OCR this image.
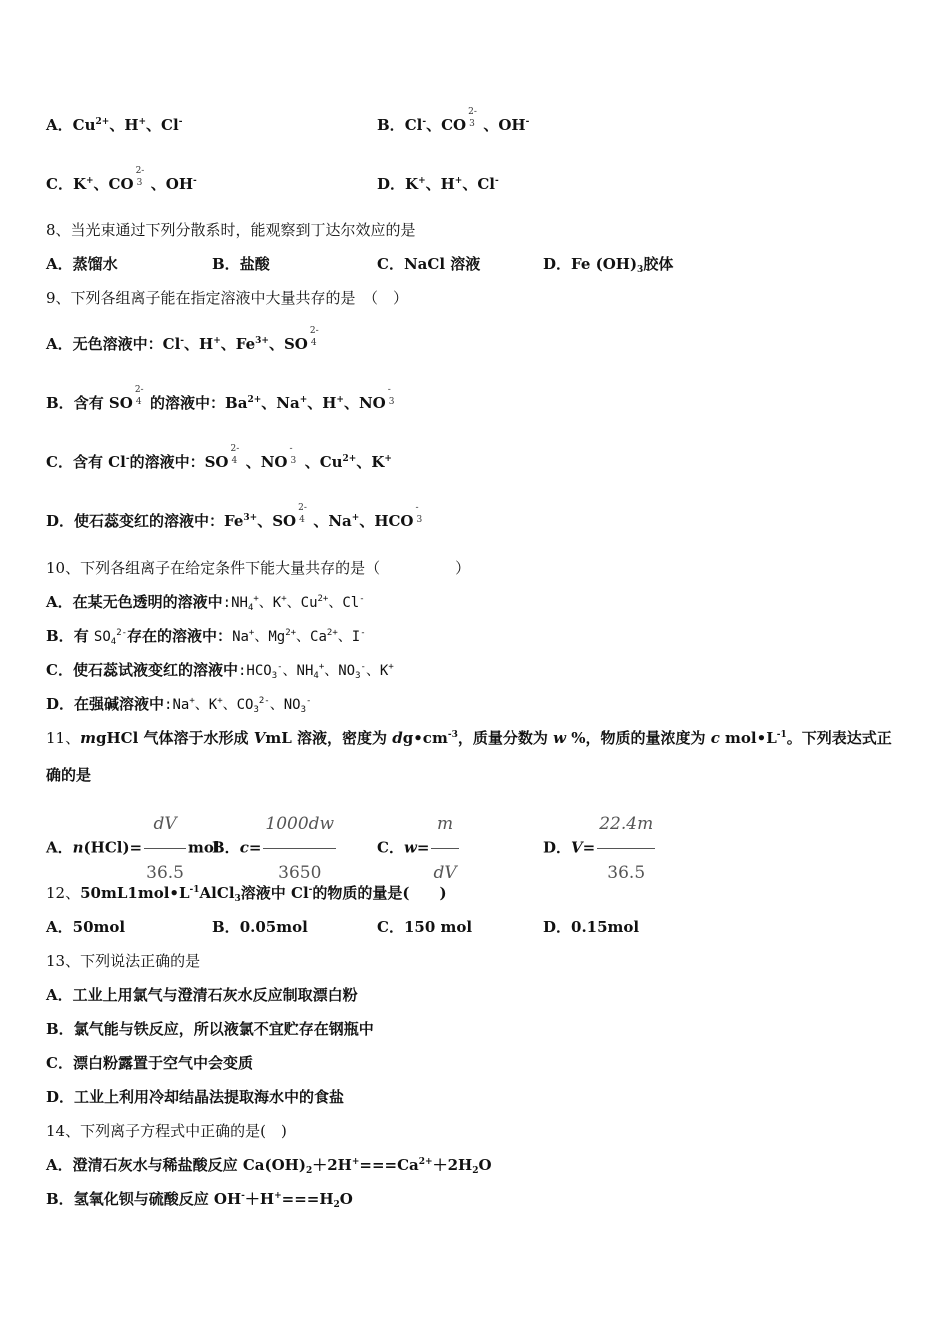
A．$Cu^{2+}$、H+、Cl-	B．Cl-、CO
2-
3 、OH-
C．K+、CO
2-
3 、OH-	D．K+、H+、Cl-
8、当光束通过下列分散系时，能观察到丁达尔效应的是
A．蒸馏水	B．盐酸	C．NaCl 溶液	D．Fe $(OH)_3$胶体
9、下列各组离子能在指定溶液中大量共存的是　（　）
A．无色溶液中：Cl-、H+、$Fe^{3+}$、SO
2-
4
B．含有 SO
2-
4 的溶液中：$Ba^{2+}$、Na+、H+、NO
-
3
C．含有 Cl-的溶液中：SO
2-
4 、NO
-
3 、$Cu^{2+}$、K+
D．使石蕊变红的溶液中：$Fe^{3+}$、SO
2-
4 、Na+、HCO
-
3
10、下列各组离子在给定条件下能大量共存的是（　　　　　）
A．在某无色透明的溶液中$:NH_4^+$、K+、$Cu^{2+}$、Cl-
B．有 $SO_4^{2-}$存在的溶液中：Na+、$Mg^{2+}$、$Ca^{2+}$、I-
C．使石蕊试液变红的溶液中$:HCO_3^-$、$NH_4^+$、$NO_3^-$、K+
D．在强碱溶液中:Na+、K+、$CO_3^{2-}$、$NO_3^-$
11、mgHCl 气体溶于水形成 VmL 溶液，密度为 $dg•cm^{-3}$，质量分数为 w %，物质的量浓度为 c $mol•L^{-1}$。下列表达式正
确的是
A．$n(HCl)= \frac{dV}{36.5}$ mol
B．$c= \frac{1000dw}{3650}$	C．$w= \frac{m}{dV}$	D．$V= \frac{22.4m}{36.5}$
12、$50mL1mol•L^{-1}AlCl_3$溶液中 Cl-的物质的量是(　　)
A．50mol	B．0.05mol	C．150 mol	D．0.15mol
13、下列说法正确的是
A．工业上用氯气与澄清石灰水反应制取漂白粉
B．氯气能与铁反应，所以液氯不宜贮存在钢瓶中
C．漂白粉露置于空气中会变质
D．工业上利用冷却结晶法提取海水中的食盐
14、下列离子方程式中正确的是(　)
A．澄清石灰水与稀盐酸反应 $Ca(OH)_2+2H^+===Ca^{2+}+2H_2O$
B．氢氧化钡与硫酸反应 $OH^-+H^+===H_2O$
